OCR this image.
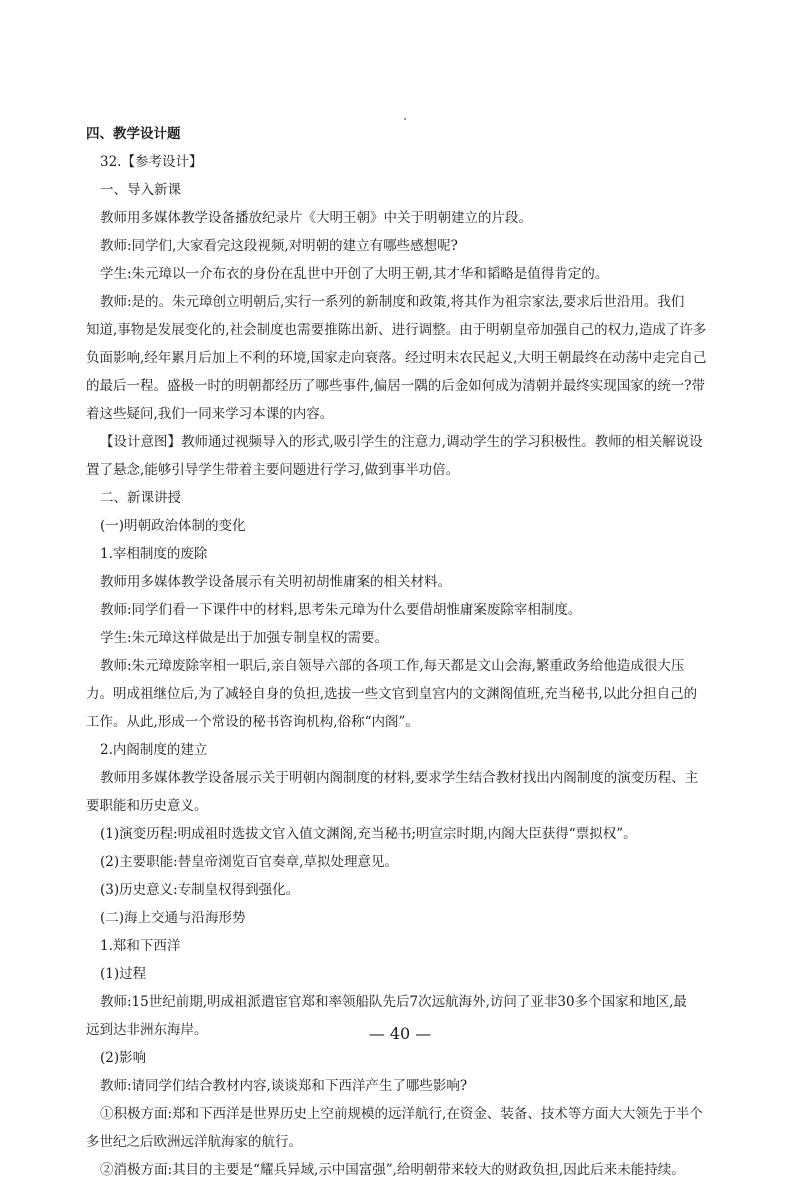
四、教学设计题
32.【参考设计】
一、导入新课
教师用多媒体教学设备播放纪录片《大明王朝》中关于明朝建立的片段。
教师:同学们,大家看完这段视频,对明朝的建立有哪些感想呢?
学生:朱元璋以一介布衣的身份在乱世中开创了大明王朝,其才华和韬略是值得肯定的。
教师:是的。朱元璋创立明朝后,实行一系列的新制度和政策,将其作为祖宗家法,要求后世沿用。我们
知道,事物是发展变化的,社会制度也需要推陈出新、进行调整。由于明朝皇帝加强自己的权力,造成了许多
负面影响,经年累月后加上不利的环境,国家走向衰落。经过明末农民起义,大明王朝最终在动荡中走完自己
的最后一程。盛极一时的明朝都经历了哪些事件,偏居一隅的后金如何成为清朝并最终实现国家的统一?带
着这些疑问,我们一同来学习本课的内容。
【设计意图】教师通过视频导入的形式,吸引学生的注意力,调动学生的学习积极性。教师的相关解说设
置了悬念,能够引导学生带着主要问题进行学习,做到事半功倍。
二、新课讲授
(一)明朝政治体制的变化
1.宰相制度的废除
教师用多媒体教学设备展示有关明初胡惟庸案的相关材料。
教师:同学们看一下课件中的材料,思考朱元璋为什么要借胡惟庸案废除宰相制度。
学生:朱元璋这样做是出于加强专制皇权的需要。
教师:朱元璋废除宰相一职后,亲自领导六部的各项工作,每天都是文山会海,繁重政务给他造成很大压
力。明成祖继位后,为了减轻自身的负担,选拔一些文官到皇宫内的文渊阁值班,充当秘书,以此分担自己的
工作。从此,形成一个常设的秘书咨询机构,俗称“内阁”。
2.内阁制度的建立
教师用多媒体教学设备展示关于明朝内阁制度的材料,要求学生结合教材找出内阁制度的演变历程、主
要职能和历史意义。
(1)演变历程:明成祖时选拔文官入值文渊阁,充当秘书;明宣宗时期,内阁大臣获得“票拟权”。
(2)主要职能:替皇帝浏览百官奏章,草拟处理意见。
(3)历史意义:专制皇权得到强化。
(二)海上交通与沿海形势
1.郑和下西洋
(1)过程
教师:15世纪前期,明成祖派遣宦官郑和率领船队先后7次远航海外,访问了亚非30多个国家和地区,最
远到达非洲东海岸。
(2)影响
教师:请同学们结合教材内容,谈谈郑和下西洋产生了哪些影响?
①积极方面:郑和下西洋是世界历史上空前规模的远洋航行,在资金、装备、技术等方面大大领先于半个
多世纪之后欧洲远洋航海家的航行。
②消极方面:其目的主要是“耀兵异域,示中国富强”,给明朝带来较大的财政负担,因此后来未能持续。
— 40 —
